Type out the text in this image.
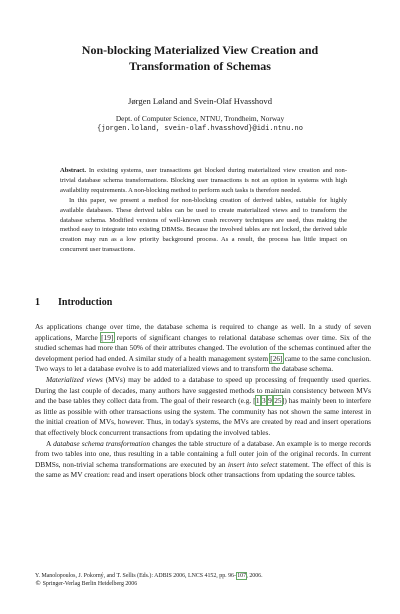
Non-blocking Materialized View Creation and
Transformation of Schemas
Jørgen Løland and Svein-Olaf Hvasshovd
Dept. of Computer Science, NTNU, Trondheim, Norway
{jorgen.loland, svein-olaf.hvasshovd}@idi.ntnu.no

Abstract. In existing systems, user transactions get blocked during materialized view creation and non-trivial database schema transformations. Blocking user transactions is not an option in systems with high availability requirements. A non-blocking method to perform such tasks is therefore needed.

In this paper, we present a method for non-blocking creation of derived tables, suitable for highly available databases. These derived tables can be used to create materialized views and to transform the database schema. Modified versions of well-known crash recovery techniques are used, thus making the method easy to integrate into existing DBMSs. Because the involved tables are not locked, the derived table creation may run as a low priority background process. As a result, the process has little impact on concurrent user transactions.

1 Introduction

As applications change over time, the database schema is required to change as well. In a study of seven applications, Marche [19] reports of significant changes to relational database schemas over time. Six of the studied schemas had more than 50% of their attributes changed. The evolution of the schemas continued after the development period had ended. A similar study of a health management system [26] came to the same conclusion. Two ways to let a database evolve is to add materialized views and to transform the database schema.

Materialized views (MVs) may be added to a database to speed up processing of frequently used queries. During the last couple of decades, many authors have suggested methods to maintain consistency between MVs and the base tables they collect data from. The goal of their research (e.g. [1,3,9,25]) has mainly been to interfere as little as possible with other transactions using the system. The community has not shown the same interest in the initial creation of MVs, however. Thus, in today's systems, the MVs are created by read and insert operations that effectively block concurrent transactions from updating the involved tables.

A database schema transformation changes the table structure of a database. An example is to merge records from two tables into one, thus resulting in a table containing a full outer join of the original records. In current DBMSs, non-trivial schema transformations are executed by an insert into select statement. The effect of this is the same as MV creation: read and insert operations block other transactions from updating the source tables.

Y. Manolopoulos, J. Pokorný, and T. Sellis (Eds.): ADBIS 2006, LNCS 4152, pp. 96–107, 2006.
© Springer-Verlag Berlin Heidelberg 2006
